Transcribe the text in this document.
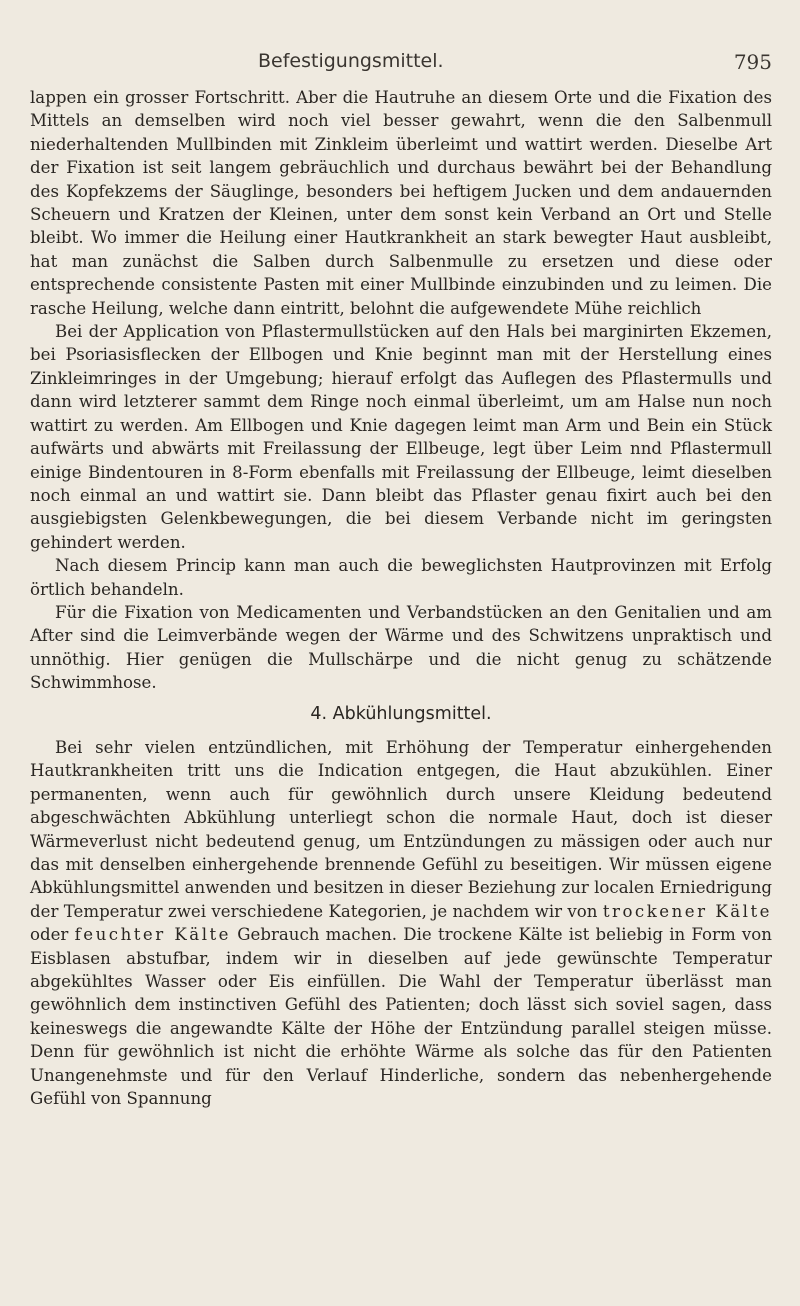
Befestigungsmittel.	795

lappen ein grosser Fortschritt. Aber die Hautruhe an diesem Orte und die Fixation des Mittels an demselben wird noch viel besser gewahrt, wenn die den Salbenmull niederhaltenden Mullbinden mit Zinkleim überleimt und wattirt werden. Dieselbe Art der Fixation ist seit langem gebräuchlich und durchaus bewährt bei der Behandlung des Kopfekzems der Säuglinge, besonders bei heftigem Jucken und dem andauernden Scheuern und Kratzen der Kleinen, unter dem sonst kein Verband an Ort und Stelle bleibt. Wo immer die Heilung einer Hautkrankheit an stark bewegter Haut ausbleibt, hat man zunächst die Salben durch Salbenmulle zu ersetzen und diese oder entsprechende consistente Pasten mit einer Mullbinde einzubinden und zu leimen. Die rasche Heilung, welche dann eintritt, belohnt die aufgewendete Mühe reichlich

Bei der Application von Pflastermullstücken auf den Hals bei marginirten Ekzemen, bei Psoriasisflecken der Ellbogen und Knie beginnt man mit der Herstellung eines Zinkleimringes in der Umgebung; hierauf erfolgt das Auflegen des Pflastermulls und dann wird letzterer sammt dem Ringe noch einmal überleimt, um am Halse nun noch wattirt zu werden. Am Ellbogen und Knie dagegen leimt man Arm und Bein ein Stück aufwärts und abwärts mit Freilassung der Ellbeuge, legt über Leim nnd Pflastermull einige Bindentouren in 8-Form ebenfalls mit Freilassung der Ellbeuge, leimt dieselben noch einmal an und wattirt sie. Dann bleibt das Pflaster genau fixirt auch bei den ausgiebigsten Gelenkbewegungen, die bei diesem Verbande nicht im geringsten gehindert werden.

Nach diesem Princip kann man auch die beweglichsten Hautprovinzen mit Erfolg örtlich behandeln.

Für die Fixation von Medicamenten und Verbandstücken an den Genitalien und am After sind die Leimverbände wegen der Wärme und des Schwitzens unpraktisch und unnöthig. Hier genügen die Mullschärpe und die nicht genug zu schätzende Schwimmhose.

4. Abkühlungsmittel.

Bei sehr vielen entzündlichen, mit Erhöhung der Temperatur einhergehenden Hautkrankheiten tritt uns die Indication entgegen, die Haut abzukühlen. Einer permanenten, wenn auch für gewöhnlich durch unsere Kleidung bedeutend abgeschwächten Abkühlung unterliegt schon die normale Haut, doch ist dieser Wärmeverlust nicht bedeutend genug, um Entzündungen zu mässigen oder auch nur das mit denselben einhergehende brennende Gefühl zu beseitigen. Wir müssen eigene Abkühlungsmittel anwenden und besitzen in dieser Beziehung zur localen Erniedrigung der Temperatur zwei verschiedene Kategorien, je nachdem wir von trockener Kälte oder feuchter Kälte Gebrauch machen. Die trockene Kälte ist beliebig in Form von Eisblasen abstufbar, indem wir in dieselben auf jede gewünschte Temperatur abgekühltes Wasser oder Eis einfüllen. Die Wahl der Temperatur überlässt man gewöhnlich dem instinctiven Gefühl des Patienten; doch lässt sich soviel sagen, dass keineswegs die angewandte Kälte der Höhe der Entzündung parallel steigen müsse. Denn für gewöhnlich ist nicht die erhöhte Wärme als solche das für den Patienten Unangenehmste und für den Verlauf Hinderliche, sondern das nebenhergehende Gefühl von Spannung
